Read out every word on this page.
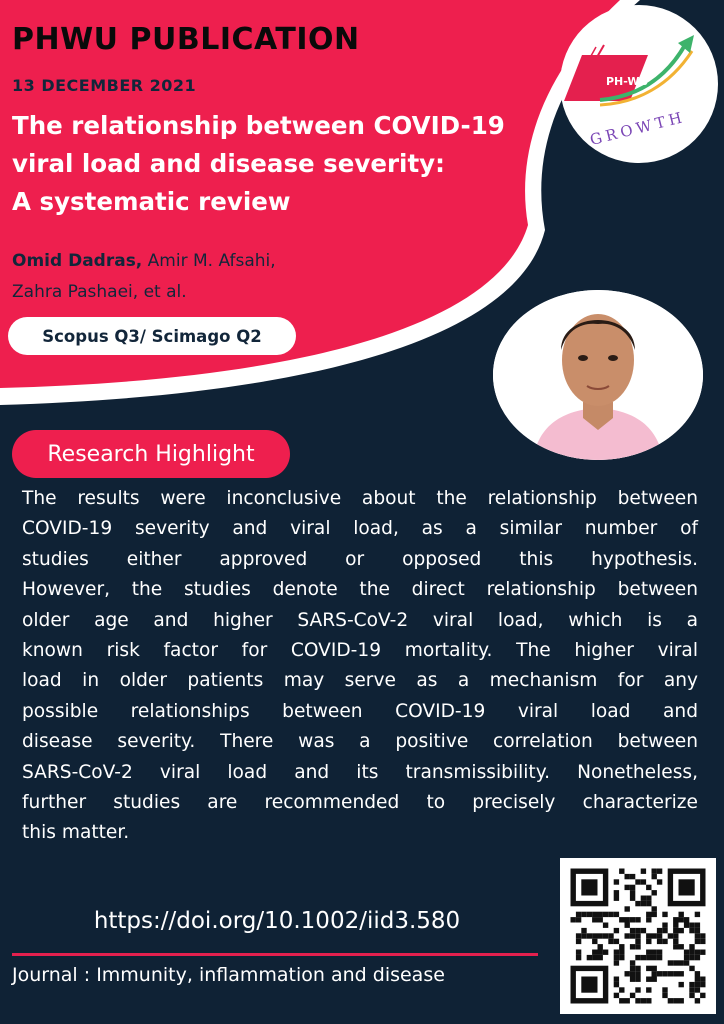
PHWU PUBLICATION
13 DECEMBER 2021
The relationship between COVID-19
viral load and disease severity:
A systematic review
Omid Dadras, Amir M. Afsahi,
Zahra Pashaei, et al.
Scopus Q3/ Scimago Q2
PH-WU
GROWTH
Research Highlight
The results were inconclusive about the relationship between
COVID-19 severity and viral load, as a similar number of
studies either approved or opposed this hypothesis.
However, the studies denote the direct relationship between
older age and higher SARS-CoV-2 viral load, which is a
known risk factor for COVID-19 mortality. The higher viral
load in older patients may serve as a mechanism for any
possible relationships between COVID-19 viral load and
disease severity. There was a positive correlation between
SARS-CoV-2 viral load and its transmissibility. Nonetheless,
further studies are recommended to precisely characterize
this matter.
https://doi.org/10.1002/iid3.580
Journal : Immunity, inflammation and disease
